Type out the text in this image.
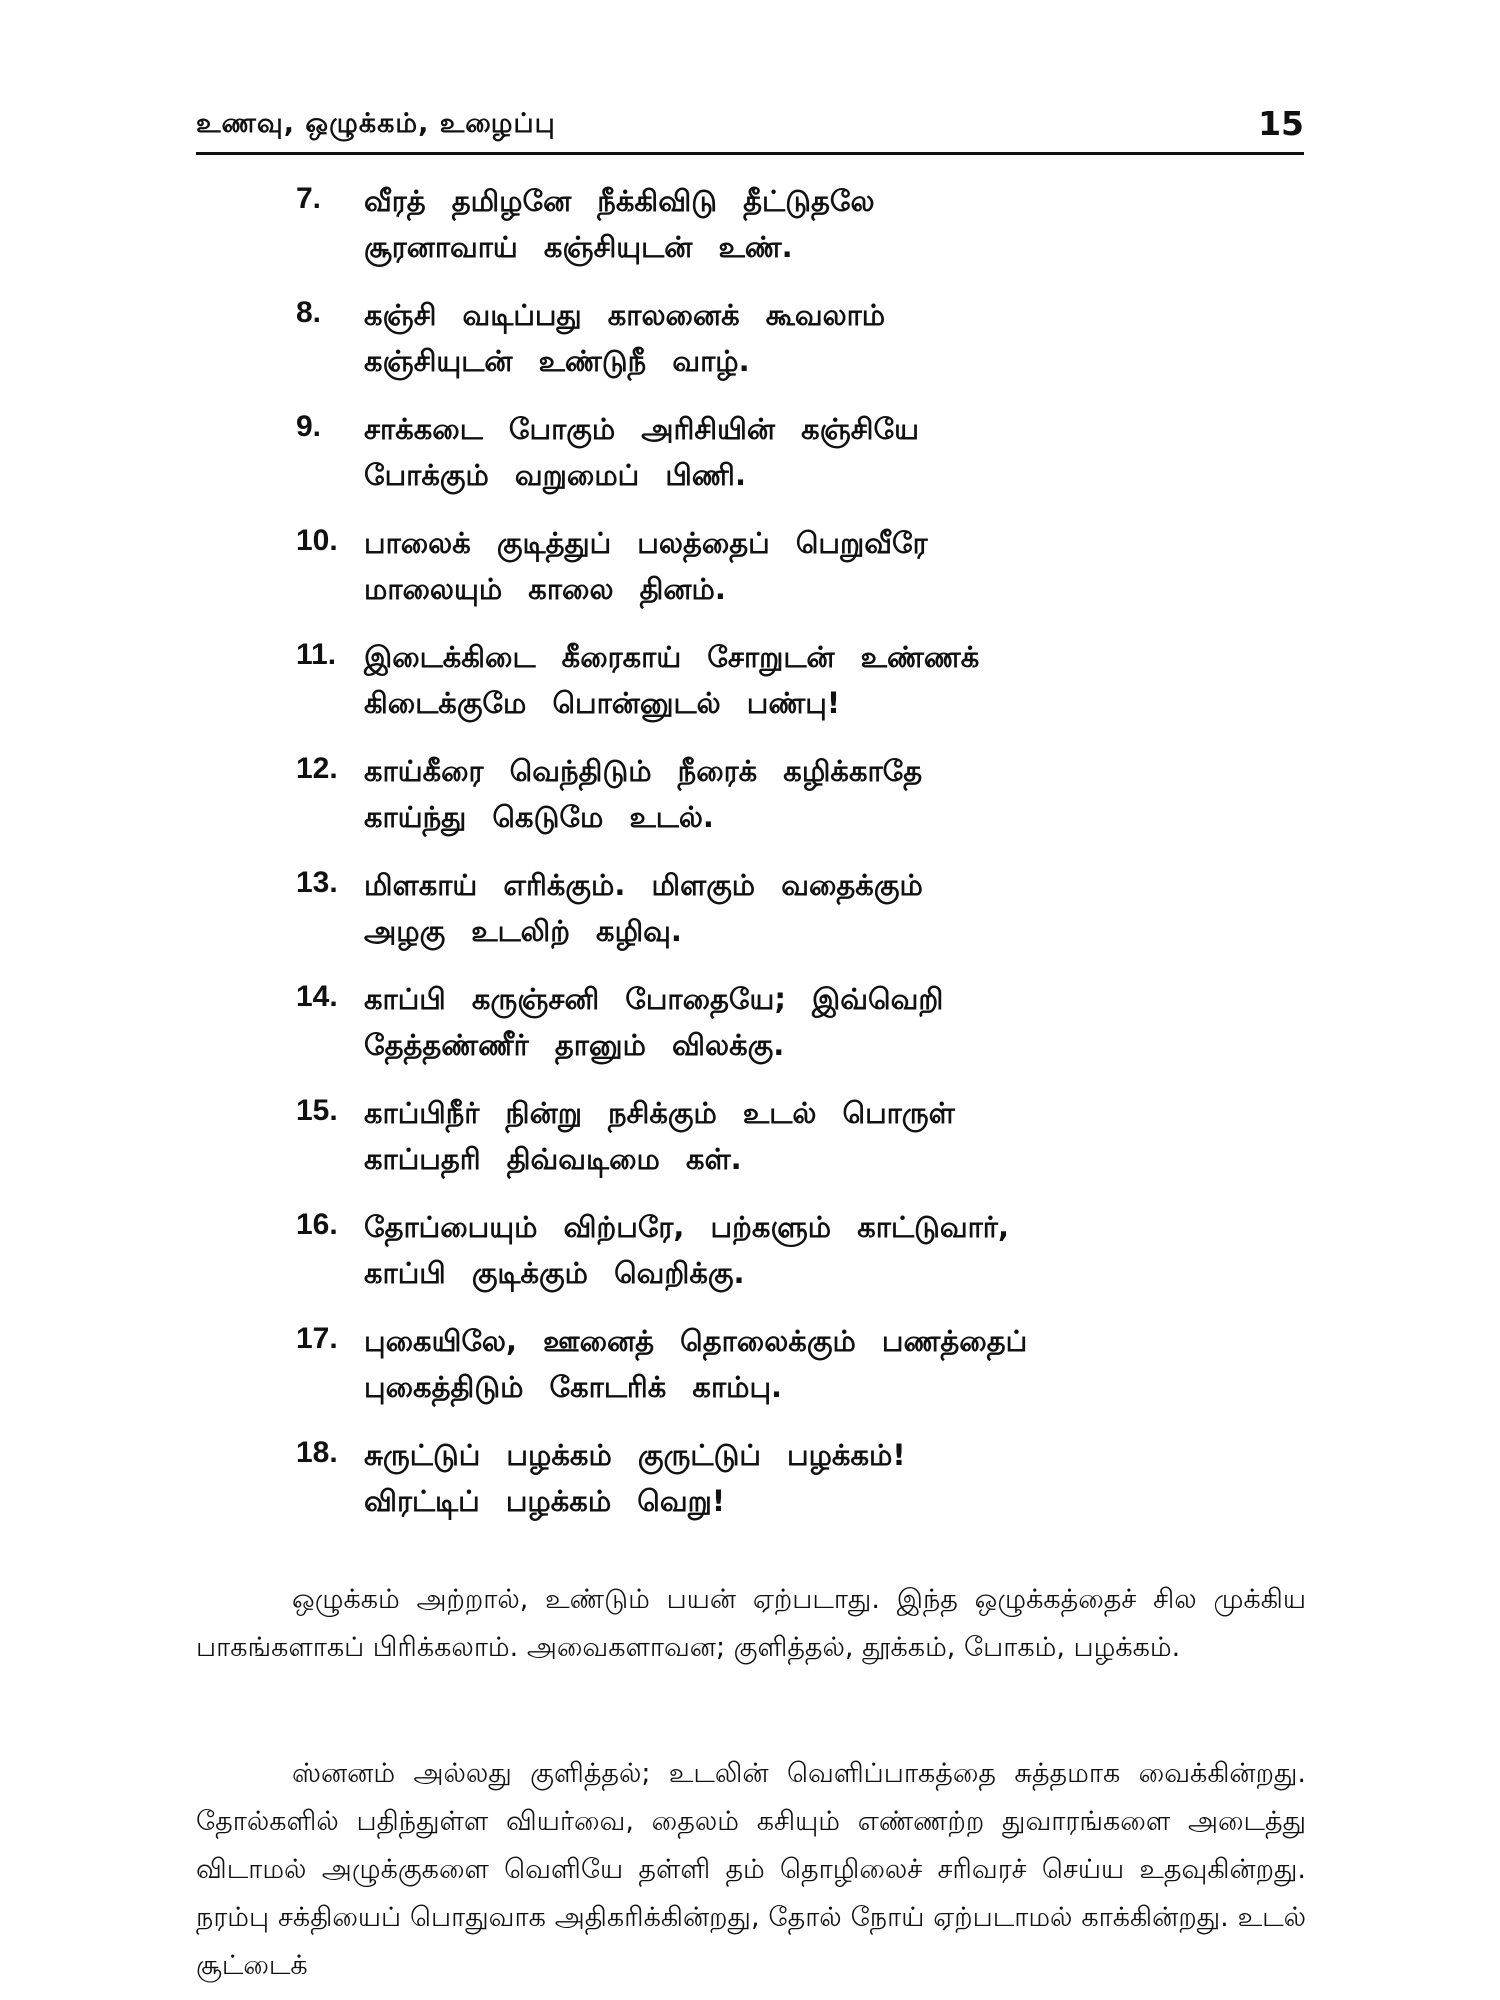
உணவு, ஒழுக்கம், உழைப்பு	15
7. வீரத் தமிழனே நீக்கிவிடு தீட்டுதலே
சூரனாவாய் கஞ்சியுடன் உண்.
8. கஞ்சி வடிப்பது காலனைக் கூவலாம்
கஞ்சியுடன் உண்டுநீ வாழ்.
9. சாக்கடை போகும் அரிசியின் கஞ்சியே
போக்கும் வறுமைப் பிணி.
10. பாலைக் குடித்துப் பலத்தைப் பெறுவீரே
மாலையும் காலை தினம்.
11. இடைக்கிடை கீரைகாய் சோறுடன் உண்ணக்
கிடைக்குமே பொன்னுடல் பண்பு!
12. காய்கீரை வெந்திடும் நீரைக் கழிக்காதே
காய்ந்து கெடுமே உடல்.
13. மிளகாய் எரிக்கும். மிளகும் வதைக்கும்
அழகு உடலிற் கழிவு.
14. காப்பி கருஞ்சனி போதையே; இவ்வெறி
தேத்தண்ணீர் தானும் விலக்கு.
15. காப்பிநீர் நின்று நசிக்கும் உடல் பொருள்
காப்பதரி திவ்வடிமை கள்.
16. தோப்பையும் விற்பரே, பற்களும் காட்டுவார்,
காப்பி குடிக்கும் வெறிக்கு.
17. புகையிலே, ஊனைத் தொலைக்கும் பணத்தைப்
புகைத்திடும் கோடரிக் காம்பு.
18. சுருட்டுப் பழக்கம் குருட்டுப் பழக்கம்!
விரட்டிப் பழக்கம் வெறு!

ஒழுக்கம் அற்றால், உண்டும் பயன் ஏற்படாது. இந்த ஒழுக்கத்தைச் சில முக்கிய பாகங்களாகப் பிரிக்கலாம். அவைகளாவன; குளித்தல், தூக்கம், போகம், பழக்கம்.

ஸ்னனம் அல்லது குளித்தல்; உடலின் வெளிப்பாகத்தை சுத்தமாக வைக்கின்றது. தோல்களில் பதிந்துள்ள வியர்வை, தைலம் கசியும் எண்ணற்ற துவாரங்களை அடைத்து விடாமல் அழுக்குகளை வெளியே தள்ளி தம் தொழிலைச் சரிவரச் செய்ய உதவுகின்றது. நரம்பு சக்தியைப் பொதுவாக அதிகரிக்கின்றது, தோல் நோய் ஏற்படாமல் காக்கின்றது. உடல் சூட்டைக்
